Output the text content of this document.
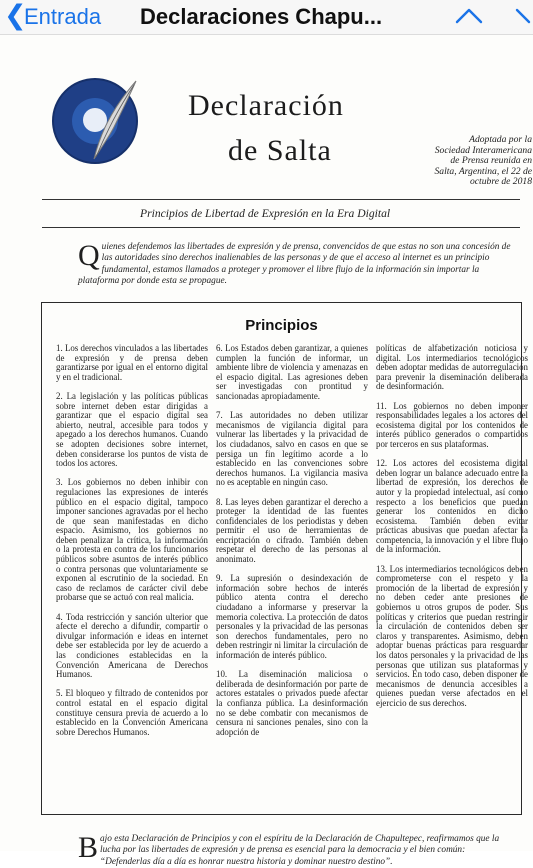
❮
Entrada Declaraciones Chapu...
Declaración
de Salta	Adoptada por la Sociedad Interamericana de Prensa reunida en Salta, Argentina, el 22 de octubre de 2018
Principios de Libertad de Expresión en la Era Digital
Q uienes defendemos las libertades de expresión y de prensa, convencidos de que estas no son una concesión de las autoridades sino derechos inalienables de las personas y de que el acceso al internet es un principio fundamental, estamos llamados a proteger y promover el libre flujo de la información sin importar la plataforma por donde esta se propague.
Principios

1. Los derechos vinculados a las libertades de expresión y de prensa deben garantizarse por igual en el entorno digital y en el tradicional.

2. La legislación y las políticas públicas sobre internet deben estar dirigidas a garantizar que el espacio digital sea abierto, neutral, accesible para todos y apegado a los derechos humanos. Cuando se adopten decisiones sobre internet, deben considerarse los puntos de vista de todos los actores.

3. Los gobiernos no deben inhibir con regulaciones las expresiones de interés público en el espacio digital, tampoco imponer sanciones agravadas por el hecho de que sean manifestadas en dicho espacio. Asimismo, los gobiernos no deben penalizar la crítica, la información o la protesta en contra de los funcionarios públicos sobre asuntos de interés público o contra personas que voluntariamente se exponen al escrutinio de la sociedad. En caso de reclamos de carácter civil debe probarse que se actuó con real malicia.

4. Toda restricción y sanción ulterior que afecte el derecho a difundir, compartir o divulgar información e ideas en internet debe ser establecida por ley de acuerdo a las condiciones establecidas en la Convención Americana de Derechos Humanos.

5. El bloqueo y filtrado de contenidos por control estatal en el espacio digital constituye censura previa de acuerdo a lo establecido en la Convención Americana sobre Derechos Humanos.

6. Los Estados deben garantizar, a quienes cumplen la función de informar, un ambiente libre de violencia y amenazas en el espacio digital. Las agresiones deben ser investigadas con prontitud y sancionadas apropiadamente.

7. Las autoridades no deben utilizar mecanismos de vigilancia digital para vulnerar las libertades y la privacidad de los ciudadanos, salvo en casos en que se persiga un fin legítimo acorde a lo establecido en las convenciones sobre derechos humanos. La vigilancia masiva no es aceptable en ningún caso.

8. Las leyes deben garantizar el derecho a proteger la identidad de las fuentes confidenciales de los periodistas y deben permitir el uso de herramientas de encriptación o cifrado. También deben respetar el derecho de las personas al anonimato.

9. La supresión o desindexación de información sobre hechos de interés público atenta contra el derecho ciudadano a informarse y preservar la memoria colectiva. La protección de datos personales y la privacidad de las personas son derechos fundamentales, pero no deben restringir ni limitar la circulación de información de interés público.

10. La diseminación maliciosa o deliberada de desinformación por parte de actores estatales o privados puede afectar la confianza pública. La desinformación no se debe combatir con mecanismos de censura ni sanciones penales, sino con la adopción de

políticas de alfabetización noticiosa y digital. Los intermediarios tecnológicos deben adoptar medidas de autorregulación para prevenir la diseminación deliberada de desinformación.

11. Los gobiernos no deben imponer responsabilidades legales a los actores del ecosistema digital por los contenidos de interés público generados o compartidos por terceros en sus plataformas.

12. Los actores del ecosistema digital deben lograr un balance adecuado entre la libertad de expresión, los derechos de autor y la propiedad intelectual, así como respecto a los beneficios que puedan generar los contenidos en dicho ecosistema. También deben evitar prácticas abusivas que puedan afectar la competencia, la innovación y el libre flujo de la información.

13. Los intermediarios tecnológicos deben comprometerse con el respeto y la promoción de la libertad de expresión y no deben ceder ante presiones de gobiernos u otros grupos de poder. Sus políticas y criterios que puedan restringir la circulación de contenidos deben ser claros y transparentes. Asimismo, deben adoptar buenas prácticas para resguardar los datos personales y la privacidad de las personas que utilizan sus plataformas y servicios. En todo caso, deben disponer de mecanismos de denuncia accesibles a quienes puedan verse afectados en el ejercicio de sus derechos.

B ajo esta Declaración de Principios y con el espíritu de la Declaración de Chapultepec, reafirmamos que la lucha por las libertades de expresión y de prensa es esencial para la democracia y el bien común: “Defenderlas día a día es honrar nuestra historia y dominar nuestro destino”.
